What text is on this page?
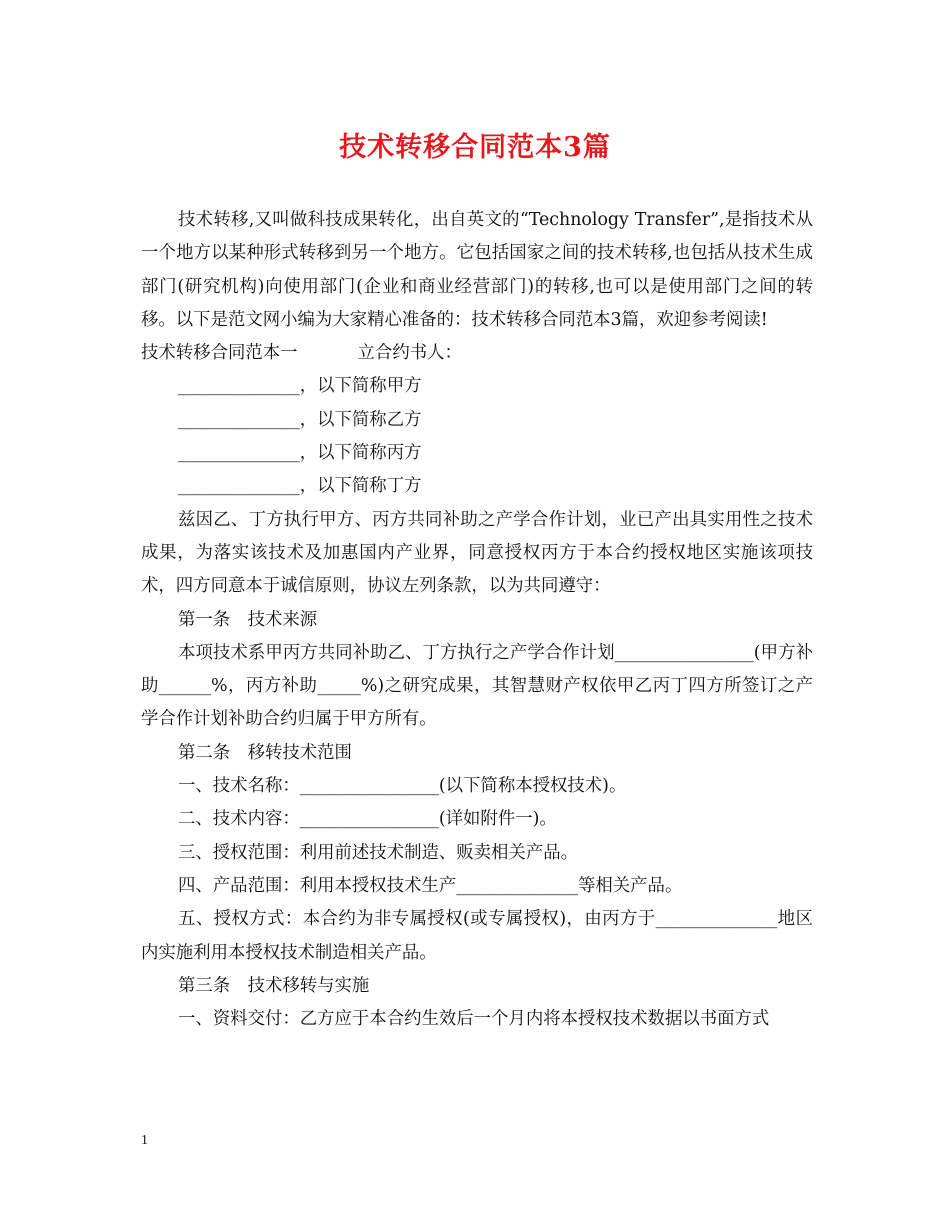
技术转移合同范本3篇

技术转移,又叫做科技成果转化，出自英文的“Technology Transfer”,是指技术从一个地方以某种形式转移到另一个地方。它包括国家之间的技术转移,也包括从技术生成部门(研究机构)向使用部门(企业和商业经营部门)的转移,也可以是使用部门之间的转移。以下是范文网小编为大家精心准备的：技术转移合同范本3篇，欢迎参考阅读!

技术转移合同范本一	立合约书人：

______________，以下简称甲方

______________，以下简称乙方

______________，以下简称丙方

______________，以下简称丁方

兹因乙、丁方执行甲方、丙方共同补助之产学合作计划，业已产出具实用性之技术成果，为落实该技术及加惠国内产业界，同意授权丙方于本合约授权地区实施该项技术，四方同意本于诚信原则，协议左列条款，以为共同遵守：

第一条　技术来源

本项技术系甲丙方共同补助乙、丁方执行之产学合作计划________________(甲方补助______%，丙方补助_____%)之研究成果，其智慧财产权依甲乙丙丁四方所签订之产学合作计划补助合约归属于甲方所有。

第二条　移转技术范围

一、技术名称：________________(以下简称本授权技术)。

二、技术内容：________________(详如附件一)。

三、授权范围：利用前述技术制造、贩卖相关产品。

四、产品范围：利用本授权技术生产______________等相关产品。

五、授权方式：本合约为非专属授权(或专属授权)，由丙方于______________地区内实施利用本授权技术制造相关产品。

第三条　技术移转与实施

一、资料交付：乙方应于本合约生效后一个月内将本授权技术数据以书面方式

1
